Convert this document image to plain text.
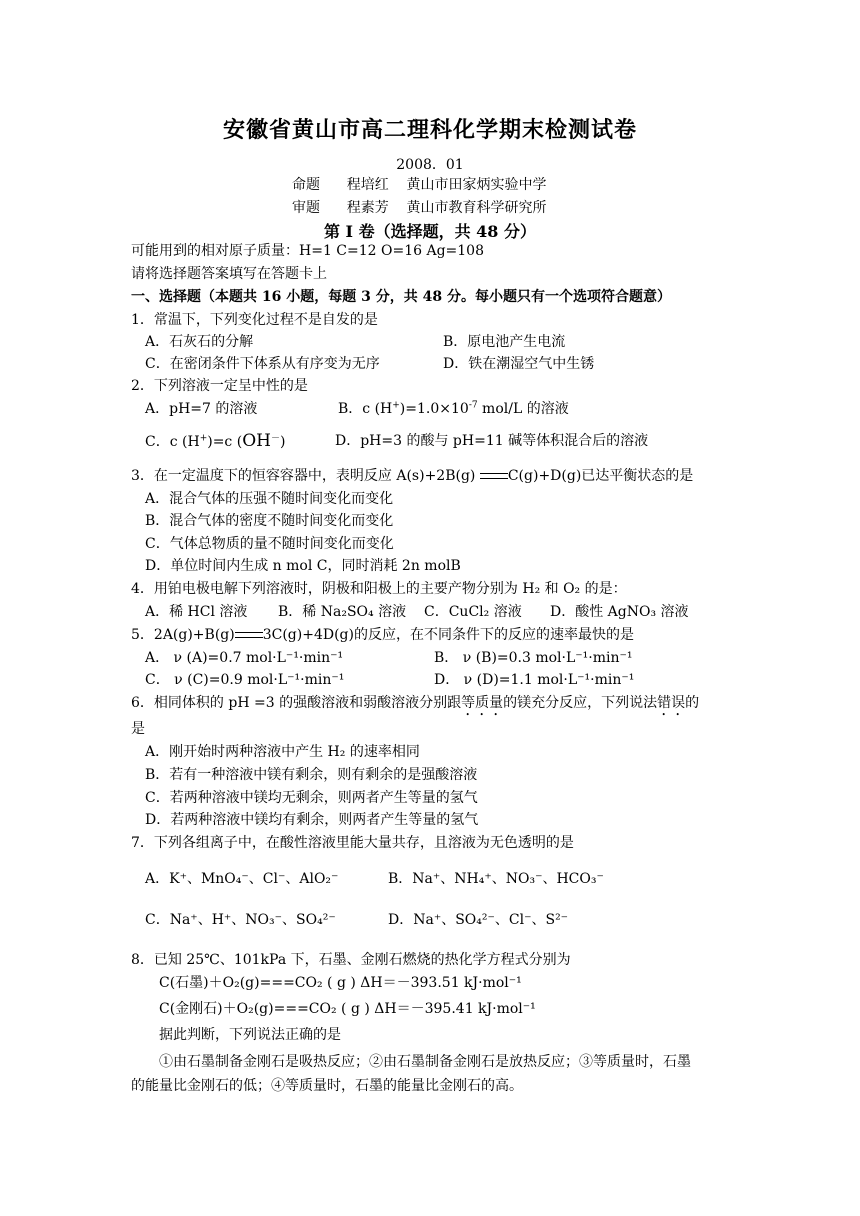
安徽省黄山市高二理科化学期末检测试卷
2008．01
命题      程培红    黄山市田家炳实验中学
审题      程素芳    黄山市教育科学研究所
第 I 卷（选择题，共 48 分）
可能用到的相对原子质量：H=1 C=12 O=16 Ag=108
请将选择题答案填写在答题卡上
一、选择题（本题共 16 小题，每题 3 分，共 48 分。每小题只有一个选项符合题意）
1．常温下，下列变化过程不是自发的是
A．石灰石的分解	B．原电池产生电流
C．在密闭条件下体系从有序变为无序	D．铁在潮湿空气中生锈
2．下列溶液一定呈中性的是
A．pH=7 的溶液	B．c $(H^+)=1.0\times 10^{-7}$ mol/L 的溶液
C．c (H+)=c (OH－)	D．pH=3 的酸与 pH=11 碱等体积混合后的溶液
3．在一定温度下的恒容容器中，表明反应 A(s)+2B(g) C(g)+D(g)已达平衡状态的是
A．混合气体的压强不随时间变化而变化
B．混合气体的密度不随时间变化而变化
C．气体总物质的量不随时间变化而变化
D．单位时间内生成 n mol C，同时消耗 2n molB
4．用铂电极电解下列溶液时，阴极和阳极上的主要产物分别为 H₂ 和 O₂ 的是：
A．稀 HCl 溶液 B．稀 Na₂SO₄ 溶液 C．CuCl₂ 溶液 D．酸性 AgNO₃ 溶液
5．2A(g)+B(g) 3C(g)+4D(g)的反应，在不同条件下的反应的速率最快的是
A． ν (A)=0.7 mol·L⁻¹·min⁻¹	B． ν (B)=0.3 mol·L⁻¹·min⁻¹
C． ν (C)=0.9 mol·L⁻¹·min⁻¹	D． ν (D)=1.1 mol·L⁻¹·min⁻¹
6．相同体积的 pH =3 的强酸溶液和弱酸溶液分别跟等质量的镁充分反应，下列说法错误的
是
A．刚开始时两种溶液中产生 H₂ 的速率相同
B．若有一种溶液中镁有剩余，则有剩余的是强酸溶液
C．若两种溶液中镁均无剩余，则两者产生等量的氢气
D．若两种溶液中镁均有剩余，则两者产生等量的氢气
7．下列各组离子中，在酸性溶液里能大量共存，且溶液为无色透明的是
A．K⁺、MnO₄⁻、Cl⁻、AlO₂⁻	B．Na⁺、NH₄⁺、NO₃⁻、HCO₃⁻
C．Na⁺、H⁺、NO₃⁻、SO₄²⁻	D．Na⁺、SO₄²⁻、Cl⁻、S²⁻
8．已知 25℃、101kPa 下，石墨、金刚石燃烧的热化学方程式分别为
C(石墨)＋O₂(g)===CO₂ ( g ) ΔH＝－393.51 kJ·mol⁻¹
C(金刚石)＋O₂(g)===CO₂ ( g ) ΔH＝－395.41 kJ·mol⁻¹
据此判断，下列说法正确的是
①由石墨制备金刚石是吸热反应；②由石墨制备金刚石是放热反应；③等质量时，石墨
的能量比金刚石的低；④等质量时，石墨的能量比金刚石的高。
